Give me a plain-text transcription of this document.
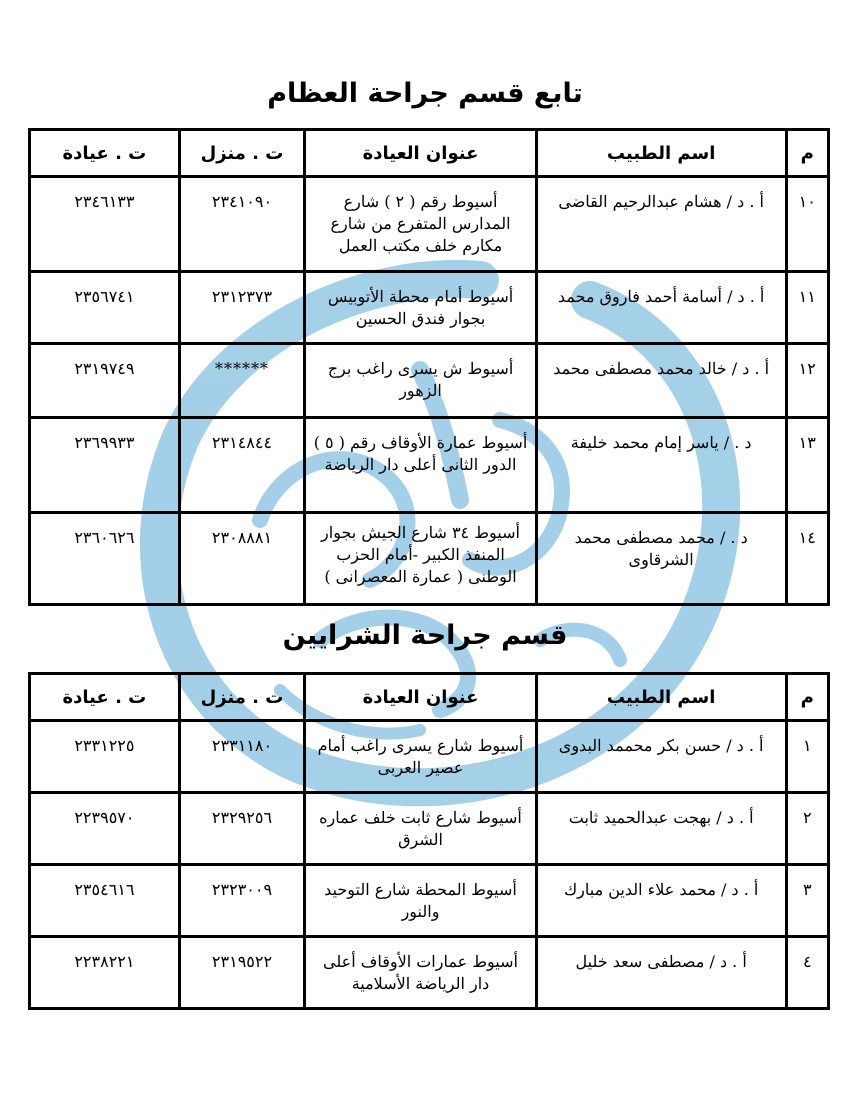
تابع قسم جراحة العظام
م	اسم الطبيب	عنوان العيادة	ت . منزل	ت . عيادة
١٠	أ . د / هشام عبدالرحيم القاضى	أسيوط رقم ( ٢ ) شارع المدارس المتفرع من شارع مكارم خلف مكتب العمل	٢٣٤١٠٩٠	٢٣٤٦١٣٣
١١	أ . د / أسامة أحمد فاروق محمد	أسيوط أمام محطة الأتوبيس بجوار فندق الحسين	٢٣١٢٣٧٣	٢٣٥٦٧٤١
١٢	أ . د / خالد محمد مصطفى محمد	أسيوط ش يسرى راغب برج الزهور	******	٢٣١٩٧٤٩
١٣	د . / ياسر إمام محمد خليفة	أسيوط عمارة الأوقاف رقم ( ٥ ) الدور الثانى أعلى دار الرياضة	٢٣١٤٨٤٤	٢٣٦٩٩٣٣
١٤	د . / محمد مصطفى محمد الشرقاوى	أسيوط ٣٤ شارع الجيش بجوار المنفذ الكبير -أمام الحزب الوطنى ( عمارة المعصرانى )	٢٣٠٨٨٨١	٢٣٦٠٦٢٦
قسم جراحة الشرايين
م	اسم الطبيب	عنوان العيادة	ت . منزل	ت . عيادة
١	أ . د / حسن بكر محممد البدوى	أسيوط شارع يسرى راغب أمام عصير العربى	٢٣٣١١٨٠	٢٣٣١٢٢٥
٢	أ . د / بهجت عبدالحميد ثابت	أسيوط شارع ثابت خلف عماره الشرق	٢٣٢٩٢٥٦	٢٢٣٩٥٧٠
٣	أ . د / محمد علاء الدين مبارك	أسيوط المحطة شارع التوحيد والنور	٢٣٢٣٠٠٩	٢٣٥٤٦١٦
٤	أ . د / مصطفى سعد خليل	أسيوط عمارات الأوقاف أعلى دار الرياضة الأسلامية	٢٣١٩٥٢٢	٢٢٣٨٢٢١
